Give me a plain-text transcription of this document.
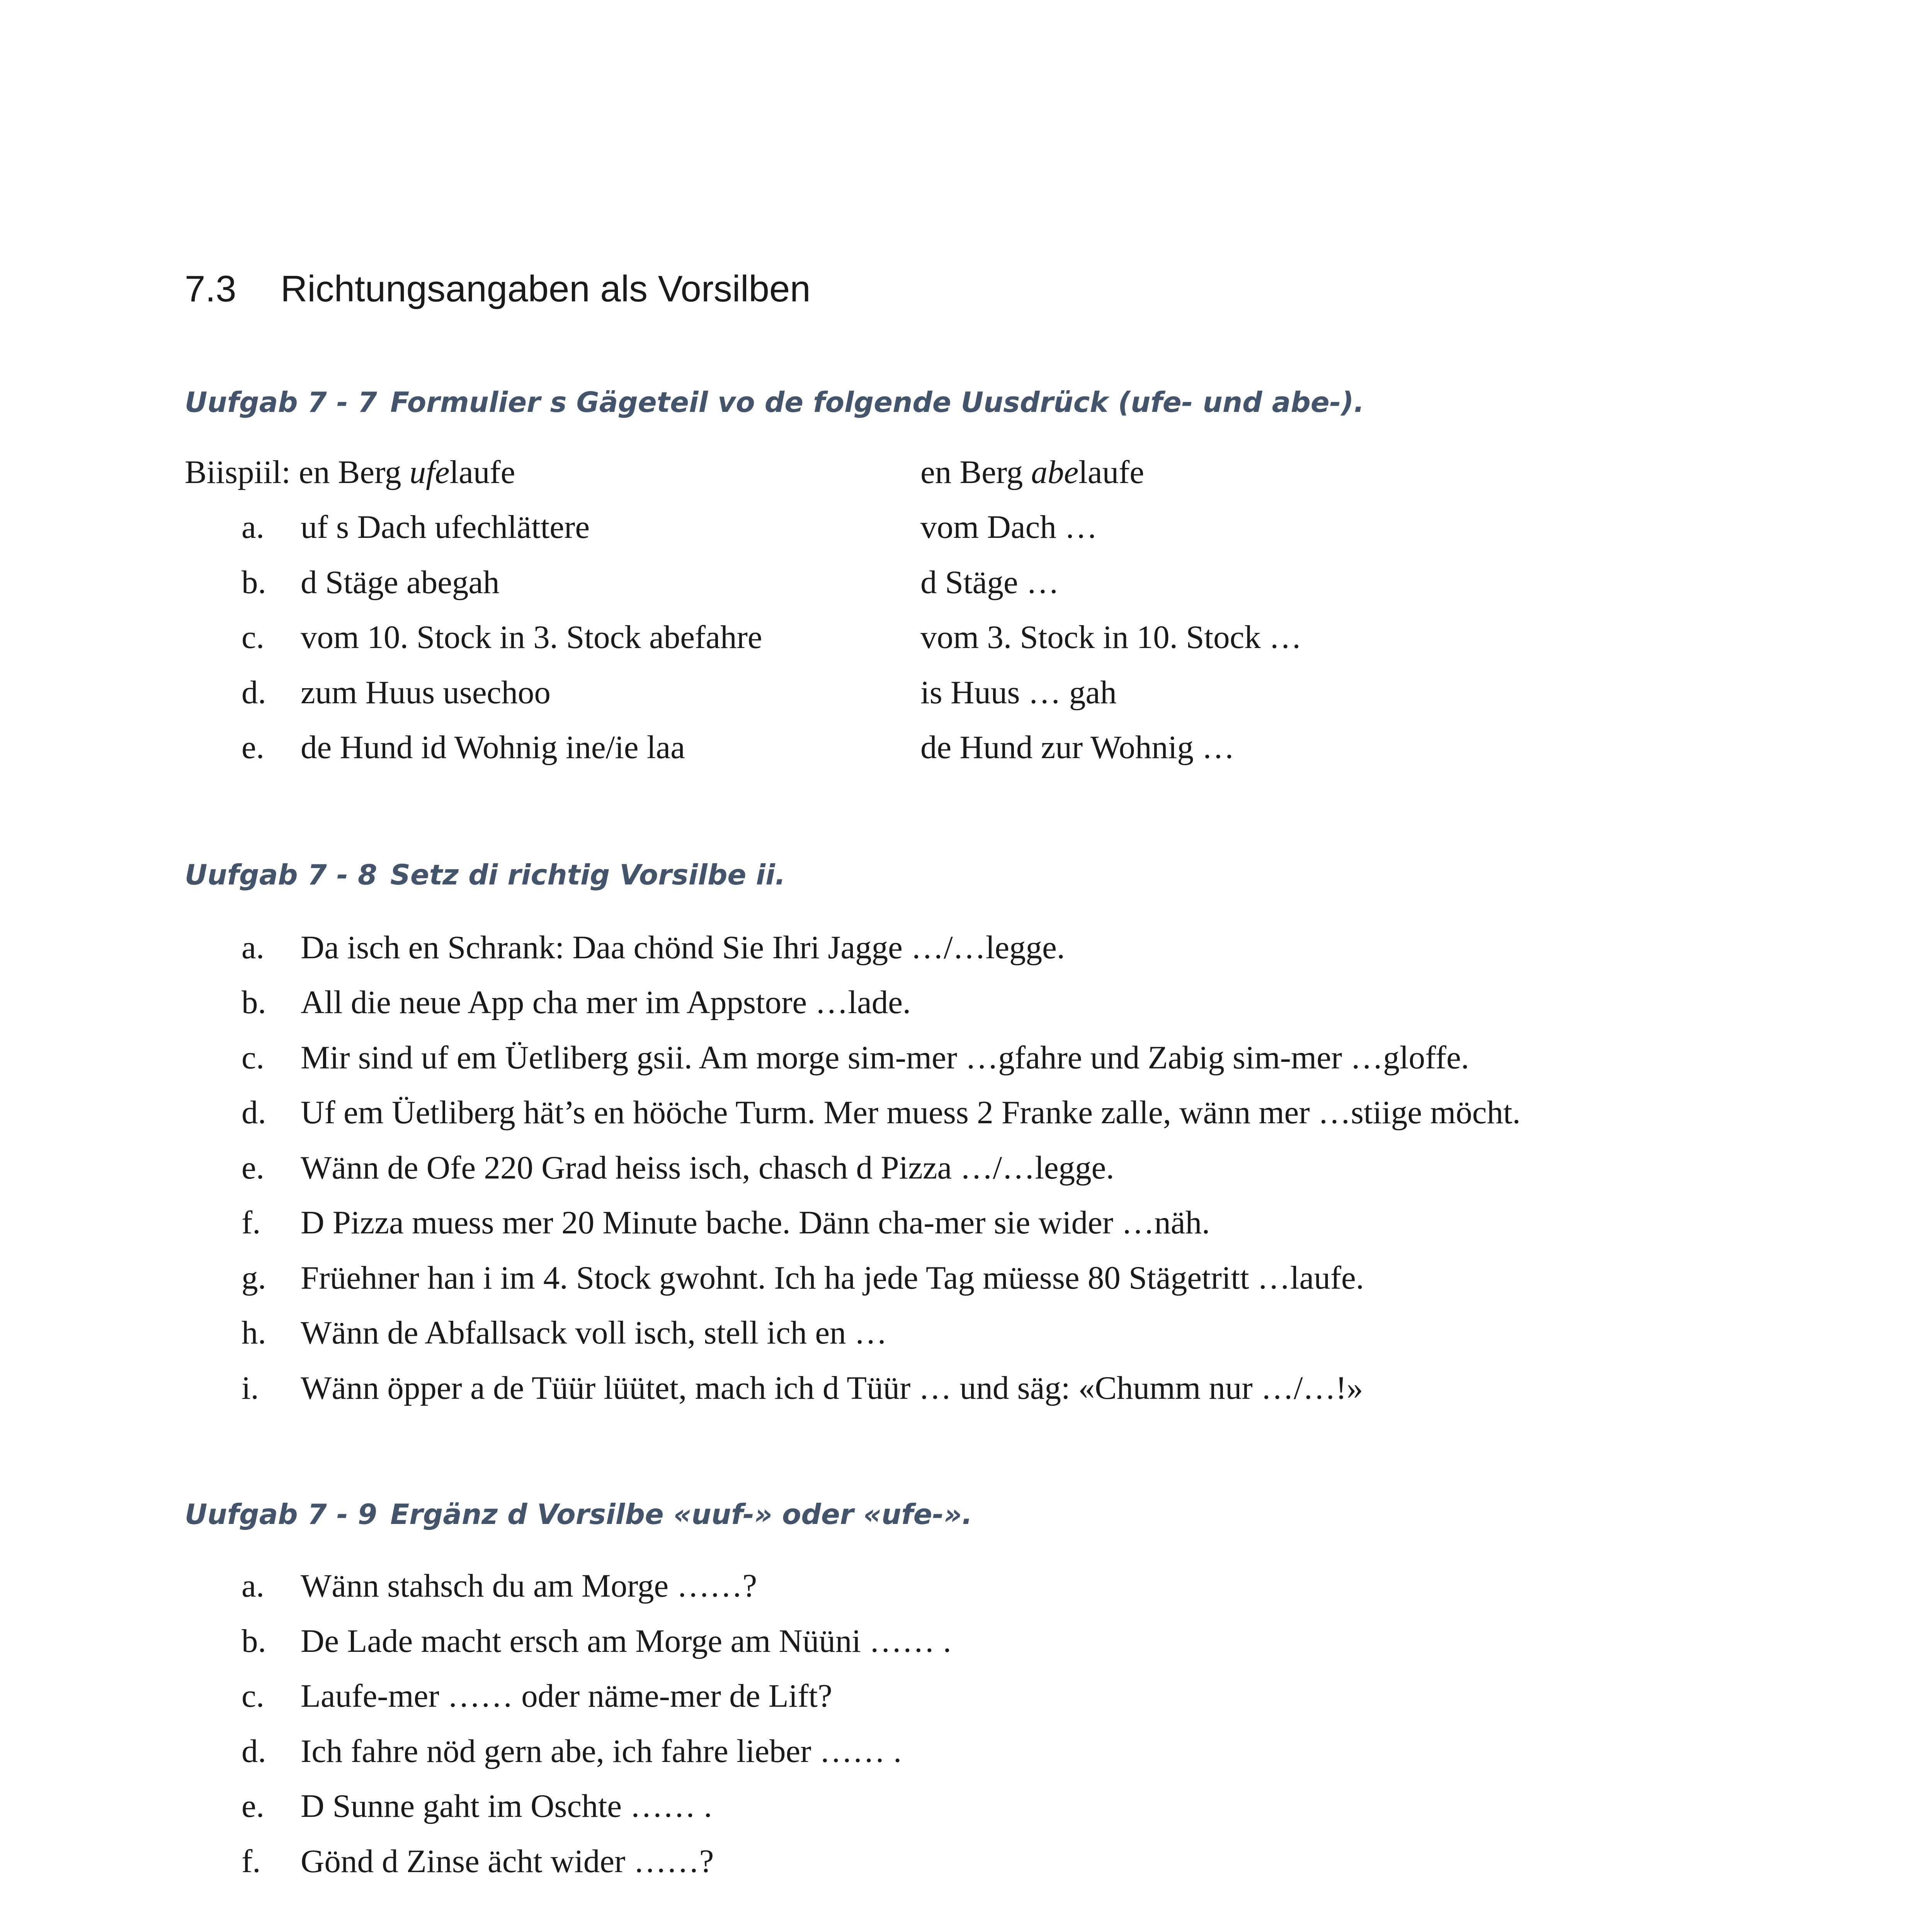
7.3 Richtungsangaben als Vorsilben
Uufgab 7 - 7 Formulier s Gägeteil vo de folgende Uusdrück (ufe- und abe-).
Biispiil: en Berg ufelaufe	en Berg abelaufe
a. uf s Dach ufechlättere	vom Dach …
b. d Stäge abegah	d Stäge …
c. vom 10. Stock in 3. Stock abefahre	vom 3. Stock in 10. Stock …
d. zum Huus usechoo	is Huus … gah
e. de Hund id Wohnig ine/ie laa	de Hund zur Wohnig …
Uufgab 7 - 8 Setz di richtig Vorsilbe ii.
a. Da isch en Schrank: Daa chönd Sie Ihri Jagge …/…legge.
b. All die neue App cha mer im Appstore …lade.
c. Mir sind uf em Üetliberg gsii. Am morge sim-mer …gfahre und Zabig sim-mer …gloffe.
d. Uf em Üetliberg hät’s en hööche Turm. Mer muess 2 Franke zalle, wänn mer …stiige möcht.
e. Wänn de Ofe 220 Grad heiss isch, chasch d Pizza …/…legge.
f. D Pizza muess mer 20 Minute bache. Dänn cha-mer sie wider …näh.
g. Früehner han i im 4. Stock gwohnt. Ich ha jede Tag müesse 80 Stägetritt …laufe.
h. Wänn de Abfallsack voll isch, stell ich en …
i. Wänn öpper a de Tüür lüütet, mach ich d Tüür … und säg: «Chumm nur …/…!»
Uufgab 7 - 9 Ergänz d Vorsilbe «uuf-» oder «ufe-».
a. Wänn stahsch du am Morge ……?
b. De Lade macht ersch am Morge am Nüüni …… .
c. Laufe-mer …… oder näme-mer de Lift?
d. Ich fahre nöd gern abe, ich fahre lieber …… .
e. D Sunne gaht im Oschte …… .
f. Gönd d Zinse ächt wider ……?
